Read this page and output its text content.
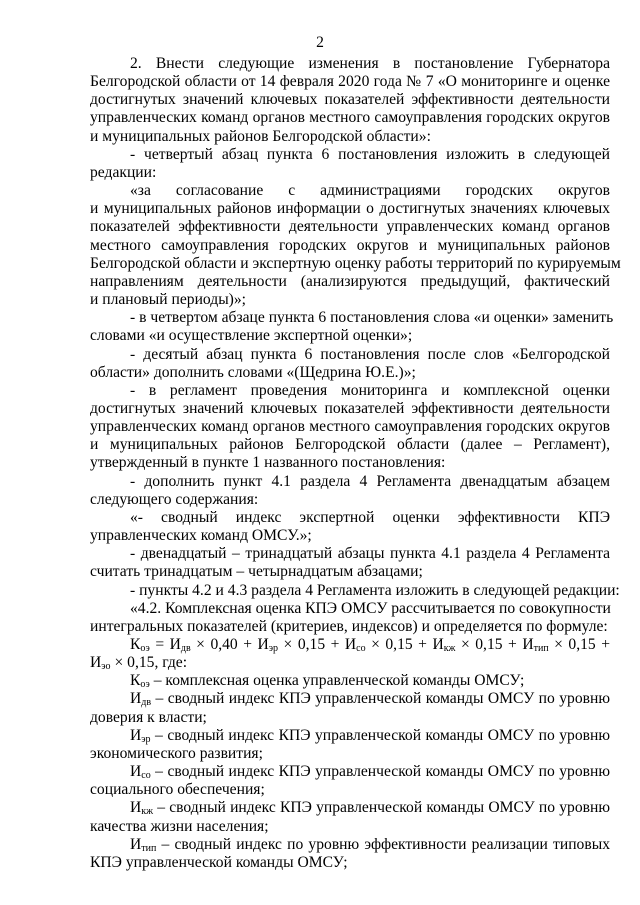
2

2. Внести следующие изменения в постановление Губернатора

Белгородской области от 14 февраля 2020 года № 7 «О мониторинге и оценке

достигнутых значений ключевых показателей эффективности деятельности

управленческих команд органов местного самоуправления городских округов

и муниципальных районов Белгородской области»:

- четвертый абзац пункта 6 постановления изложить в следующей

редакции:

«за согласование с администрациями городских округов

и муниципальных районов информации о достигнутых значениях ключевых

показателей эффективности деятельности управленческих команд органов

местного самоуправления городских округов и муниципальных районов

Белгородской области и экспертную оценку работы территорий по курируемым

направлениям деятельности (анализируются предыдущий, фактический

и плановый периоды)»;

- в четвертом абзаце пункта 6 постановления слова «и оценки» заменить

словами «и осуществление экспертной оценки»;

- десятый абзац пункта 6 постановления после слов «Белгородской

области» дополнить словами «(Щедрина Ю.Е.)»;

- в регламент проведения мониторинга и комплексной оценки

достигнутых значений ключевых показателей эффективности деятельности

управленческих команд органов местного самоуправления городских округов

и муниципальных районов Белгородской области (далее – Регламент),

утвержденный в пункте 1 названного постановления:

- дополнить пункт 4.1 раздела 4 Регламента двенадцатым абзацем

следующего содержания:

«- сводный индекс экспертной оценки эффективности КПЭ

управленческих команд ОМСУ.»;

- двенадцатый – тринадцатый абзацы пункта 4.1 раздела 4 Регламента

считать тринадцатым – четырнадцатым абзацами;

- пункты 4.2 и 4.3 раздела 4 Регламента изложить в следующей редакции:

«4.2. Комплексная оценка КПЭ ОМСУ рассчитывается по совокупности

интегральных показателей (критериев, индексов) и определяется по формуле:

$К_{оэ} = И_{дв} \times 0,40 + И_{эр} \times 0,15 + И_{со} \times 0,15 + И_{кж} \times 0,15 + И_{тип} \times 0,15$ +

$И_{эо} \times 0,15$, где:

$К_{оэ}$ – комплексная оценка управленческой команды ОМСУ;

$И_{дв}$ – сводный индекс КПЭ управленческой команды ОМСУ по уровню

доверия к власти;

$И_{эр}$ – сводный индекс КПЭ управленческой команды ОМСУ по уровню

экономического развития;

$И_{со}$ – сводный индекс КПЭ управленческой команды ОМСУ по уровню

социального обеспечения;

$И_{кж}$ – сводный индекс КПЭ управленческой команды ОМСУ по уровню

качества жизни населения;

$И_{тип}$ – сводный индекс по уровню эффективности реализации типовых

КПЭ управленческой команды ОМСУ;
